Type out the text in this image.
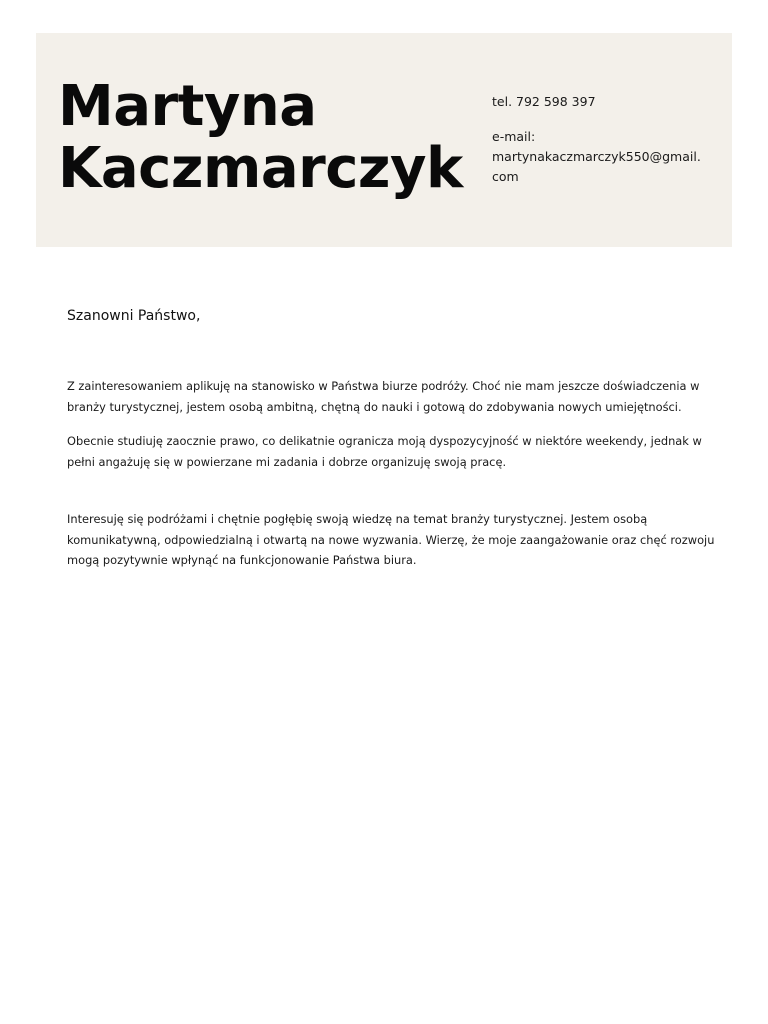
Martyna
Kaczmarczyk
tel. 792 598 397
e-mail:
martynakaczmarczyk550@gmail.com
Szanowni Państwo,

Z zainteresowaniem aplikuję na stanowisko w Państwa biurze podróży. Choć nie mam jeszcze doświadczenia w branży turystycznej, jestem osobą ambitną, chętną do nauki i gotową do zdobywania nowych umiejętności.

Obecnie studiuję zaocznie prawo, co delikatnie ogranicza moją dyspozycyjność w niektóre weekendy, jednak w pełni angażuję się w powierzane mi zadania i dobrze organizuję swoją pracę.

Interesuję się podróżami i chętnie pogłębię swoją wiedzę na temat branży turystycznej. Jestem osobą komunikatywną, odpowiedzialną i otwartą na nowe wyzwania. Wierzę, że moje zaangażowanie oraz chęć rozwoju mogą pozytywnie wpłynąć na funkcjonowanie Państwa biura.
